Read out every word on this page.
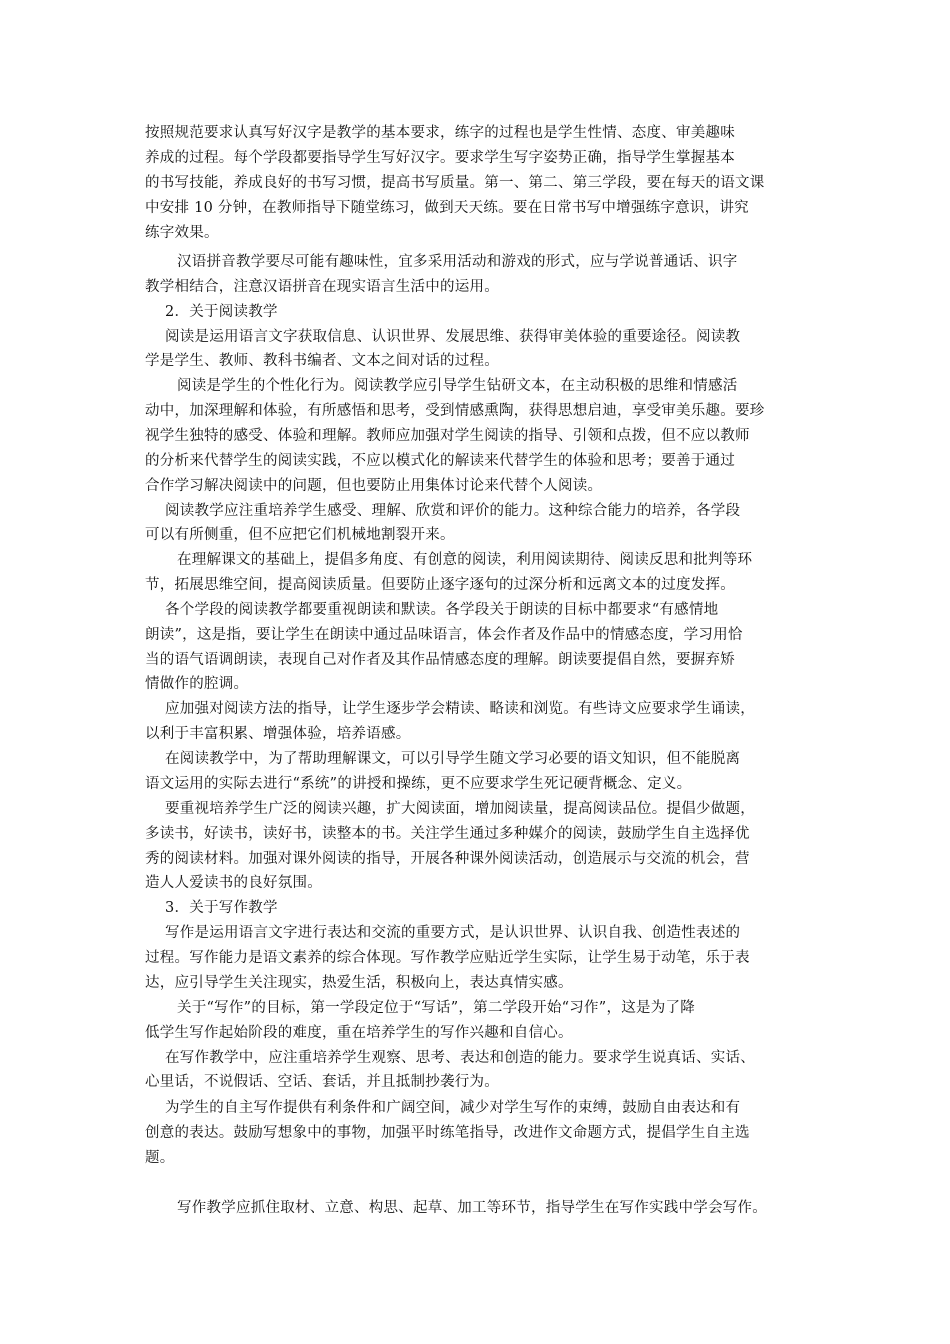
按照规范要求认真写好汉字是教学的基本要求，练字的过程也是学生性情、态度、审美趣味
养成的过程。每个学段都要指导学生写好汉字。要求学生写字姿势正确，指导学生掌握基本
的书写技能，养成良好的书写习惯，提高书写质量。第一、第二、第三学段，要在每天的语文课
中安排 10 分钟，在教师指导下随堂练习，做到天天练。要在日常书写中增强练字意识，讲究
练字效果。
汉语拼音教学要尽可能有趣味性，宜多采用活动和游戏的形式，应与学说普通话、识字
教学相结合，注意汉语拼音在现实语言生活中的运用。
2．关于阅读教学
阅读是运用语言文字获取信息、认识世界、发展思维、获得审美体验的重要途径。阅读教
学是学生、教师、教科书编者、文本之间对话的过程。
阅读是学生的个性化行为。阅读教学应引导学生钻研文本，在主动积极的思维和情感活
动中，加深理解和体验，有所感悟和思考，受到情感熏陶，获得思想启迪，享受审美乐趣。要珍
视学生独特的感受、体验和理解。教师应加强对学生阅读的指导、引领和点拨，但不应以教师
的分析来代替学生的阅读实践，不应以模式化的解读来代替学生的体验和思考；要善于通过
合作学习解决阅读中的问题，但也要防止用集体讨论来代替个人阅读。
阅读教学应注重培养学生感受、理解、欣赏和评价的能力。这种综合能力的培养，各学段
可以有所侧重，但不应把它们机械地割裂开来。
在理解课文的基础上，提倡多角度、有创意的阅读，利用阅读期待、阅读反思和批判等环
节，拓展思维空间，提高阅读质量。但要防止逐字逐句的过深分析和远离文本的过度发挥。
各个学段的阅读教学都要重视朗读和默读。各学段关于朗读的目标中都要求“有感情地
朗读”，这是指，要让学生在朗读中通过品味语言，体会作者及作品中的情感态度，学习用恰
当的语气语调朗读，表现自己对作者及其作品情感态度的理解。朗读要提倡自然，要摒弃矫
情做作的腔调。
应加强对阅读方法的指导，让学生逐步学会精读、略读和浏览。有些诗文应要求学生诵读，
以利于丰富积累、增强体验，培养语感。
在阅读教学中，为了帮助理解课文，可以引导学生随文学习必要的语文知识，但不能脱离
语文运用的实际去进行“系统”的讲授和操练，更不应要求学生死记硬背概念、定义。
要重视培养学生广泛的阅读兴趣，扩大阅读面，增加阅读量，提高阅读品位。提倡少做题，
多读书，好读书，读好书，读整本的书。关注学生通过多种媒介的阅读，鼓励学生自主选择优
秀的阅读材料。加强对课外阅读的指导，开展各种课外阅读活动，创造展示与交流的机会，营
造人人爱读书的良好氛围。
3．关于写作教学
写作是运用语言文字进行表达和交流的重要方式，是认识世界、认识自我、创造性表述的
过程。写作能力是语文素养的综合体现。写作教学应贴近学生实际，让学生易于动笔，乐于表
达，应引导学生关注现实，热爱生活，积极向上，表达真情实感。
关于“写作”的目标，第一学段定位于“写话”，第二学段开始“习作”，这是为了降
低学生写作起始阶段的难度，重在培养学生的写作兴趣和自信心。
在写作教学中，应注重培养学生观察、思考、表达和创造的能力。要求学生说真话、实话、
心里话，不说假话、空话、套话，并且抵制抄袭行为。
为学生的自主写作提供有利条件和广阔空间，减少对学生写作的束缚，鼓励自由表达和有
创意的表达。鼓励写想象中的事物，加强平时练笔指导，改进作文命题方式，提倡学生自主选
题。
写作教学应抓住取材、立意、构思、起草、加工等环节，指导学生在写作实践中学会写作。
